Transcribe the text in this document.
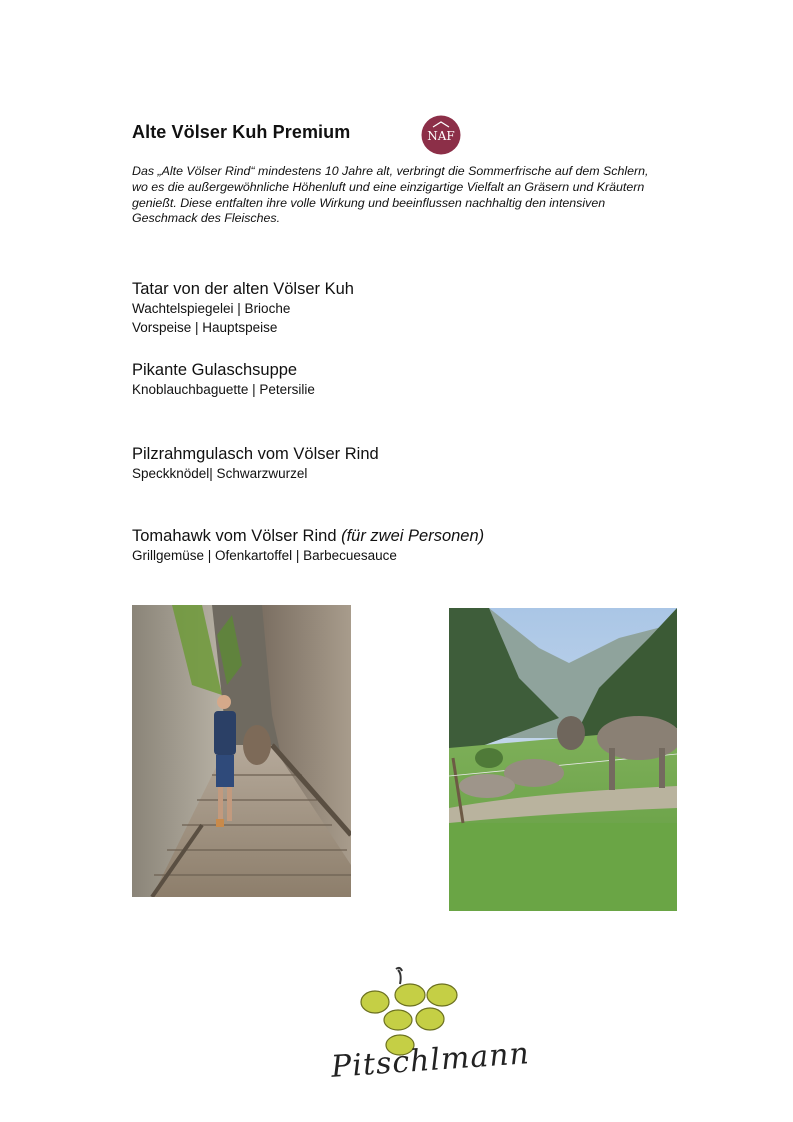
Alte Völser Kuh Premium	NAF
Das „Alte Völser Rind“ mindestens 10 Jahre alt, verbringt die Sommerfrische auf dem Schlern,
wo es die außergewöhnliche Höhenluft und eine einzigartige Vielfalt an Gräsern und Kräutern
genießt. Diese entfalten ihre volle Wirkung und beeinflussen nachhaltig den intensiven
Geschmack des Fleisches.
Tatar von der alten Völser Kuh
Wachtelspiegelei | Brioche
Vorspeise | Hauptspeise
Pikante Gulaschsuppe
Knoblauchbaguette | Petersilie
Pilzrahmgulasch vom Völser Rind
Speckknödel| Schwarzwurzel
Tomahawk vom Völser Rind (für zwei Personen)
Grillgemüse | Ofenkartoffel | Barbecuesauce
Pitschlmann
